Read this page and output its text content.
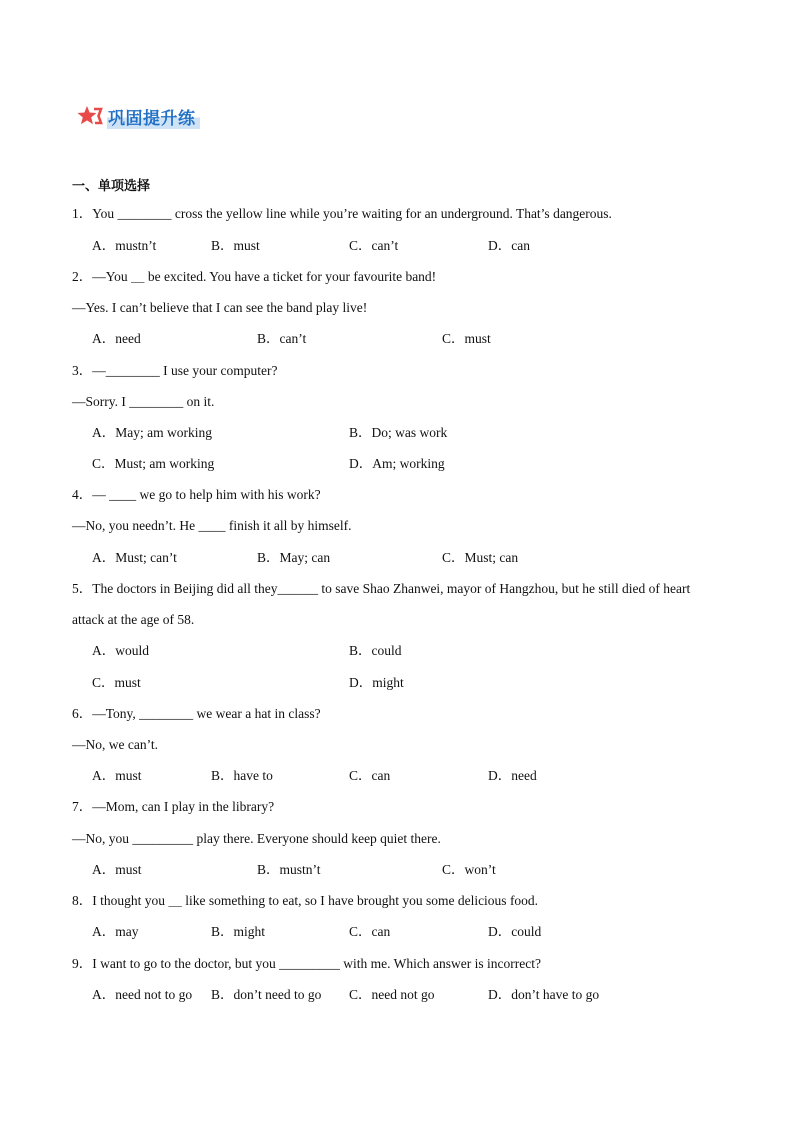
巩固提升练
一、单项选择
1．You ________ cross the yellow line while you’re waiting for an underground. That’s dangerous.
A．mustn’t	B．must	C．can’t	D．can
2．—You ＿ be excited. You have a ticket for your favourite band!
—Yes. I can’t believe that I can see the band play live!
A．need	B．can’t	C．must
3．—________ I use your computer?
—Sorry. I ________ on it.
A．May; am working	B．Do; was work
C．Must; am working	D．Am; working
4．— ____ we go to help him with his work?
—No, you needn’t. He ____ finish it all by himself.
A．Must; can’t	B．May; can	C．Must; can
5．The doctors in Beijing did all they______ to save Shao Zhanwei, mayor of Hangzhou, but he still died of heart
attack at the age of 58.
A．would	B．could
C．must	D．might
6．—Tony, ________ we wear a hat in class?
—No, we can’t.
A．must	B．have to	C．can	D．need
7．—Mom, can I play in the library?
—No, you _________ play there. Everyone should keep quiet there.
A．must	B．mustn’t	C．won’t
8．I thought you ＿ like something to eat, so I have brought you some delicious food.
A．may	B．might	C．can	D．could
9．I want to go to the doctor, but you _________ with me. Which answer is incorrect?
A．need not to go B．don’t need to go C．need not go	D．don’t have to go
